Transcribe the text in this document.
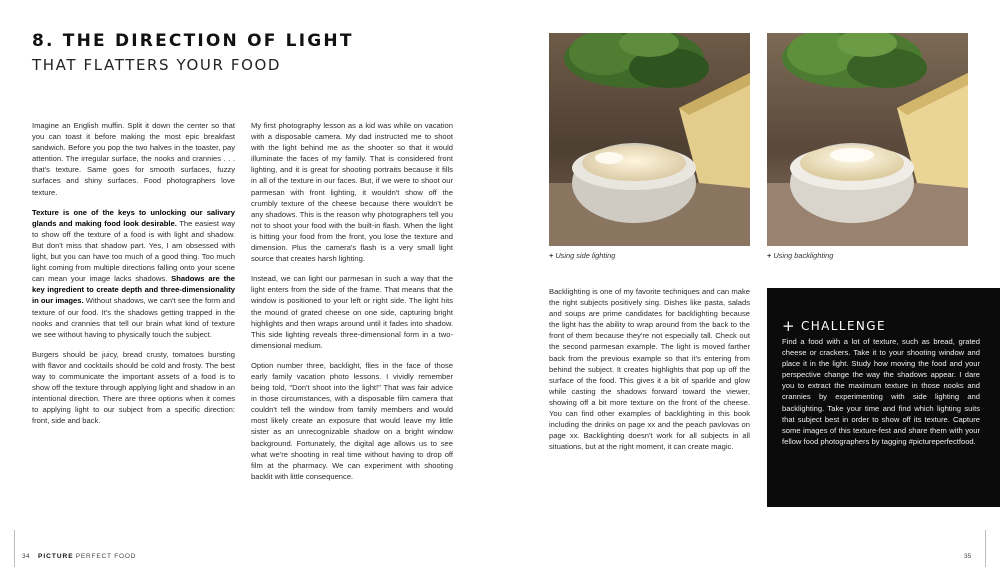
8. THE DIRECTION OF LIGHT
THAT FLATTERS YOUR FOOD

Imagine an English muffin. Split it down the center so that you can toast it before making the most epic breakfast sandwich. Before you pop the two halves in the toaster, pay attention. The irregular surface, the nooks and crannies . . . that's texture. Same goes for smooth surfaces, fuzzy surfaces and shiny surfaces. Food photographers love texture.

Texture is one of the keys to unlocking our salivary glands and making food look desirable. The easiest way to show off the texture of a food is with light and shadow. But don't miss that shadow part. Yes, I am obsessed with light, but you can have too much of a good thing. Too much light coming from multiple directions falling onto your scene can mean your image lacks shadows. Shadows are the key ingredient to create depth and three-dimensionality in our images. Without shadows, we can't see the form and texture of our food. It's the shadows getting trapped in the nooks and crannies that tell our brain what kind of texture we see without having to physically touch the subject.

Burgers should be juicy, bread crusty, tomatoes bursting with flavor and cocktails should be cold and frosty. The best way to communicate the important assets of a food is to show off the texture through applying light and shadow in an intentional direction. There are three options when it comes to applying light to our subject from a specific direction: front, side and back.

My first photography lesson as a kid was while on vacation with a disposable camera. My dad instructed me to shoot with the light behind me as the shooter so that it would illuminate the faces of my family. That is considered front lighting, and it is great for shooting portraits because it fills in all of the texture in our faces. But, if we were to shoot our parmesan with front lighting, it wouldn't show off the crumbly texture of the cheese because there wouldn't be any shadows. This is the reason why photographers tell you not to shoot your food with the built-in flash. When the light is hitting your food from the front, you lose the texture and dimension. Plus the camera's flash is a very small light source that creates harsh lighting.

Instead, we can light our parmesan in such a way that the light enters from the side of the frame. That means that the window is positioned to your left or right side. The light hits the mound of grated cheese on one side, capturing bright highlights and then wraps around until it fades into shadow. This side lighting reveals three-dimensional form in a two-dimensional medium.

Option number three, backlight, flies in the face of those early family vacation photo lessons. I vividly remember being told, "Don't shoot into the light!" That was fair advice in those circumstances, with a disposable film camera that couldn't tell the window from family members and would most likely create an exposure that would leave my little sister as an unrecognizable shadow on a bright window background. Fortunately, the digital age allows us to see what we're shooting in real time without having to drop off film at the pharmacy. We can experiment with shooting backlit with little consequence.

+ Using side lighting	+ Using backlighting

Backlighting is one of my favorite techniques and can make the right subjects positively sing. Dishes like pasta, salads and soups are prime candidates for backlighting because the light has the ability to wrap around from the back to the front of them because they're not especially tall. Check out the second parmesan example. The light is moved farther back from the previous example so that it's entering from behind the subject. It creates highlights that pop up off the surface of the food. This gives it a bit of sparkle and glow while casting the shadows forward toward the viewer, showing off a bit more texture on the front of the cheese. You can find other examples of backlighting in this book including the drinks on page xx and the peach pavlovas on page xx. Backlighting doesn't work for all subjects in all situations, but at the right moment, it can create magic.

+ CHALLENGE
Find a food with a lot of texture, such as bread, grated cheese or crackers. Take it to your shooting window and place it in the light. Study how moving the food and your perspective change the way the shadows appear. I dare you to extract the maximum texture in those nooks and crannies by experimenting with side lighting and backlighting. Take your time and find which lighting suits that subject best in order to show off its texture. Capture some images of this texture-fest and share them with your fellow food photographers by tagging #pictureperfectfood.
34 PICTURE PERFECT FOOD	35
